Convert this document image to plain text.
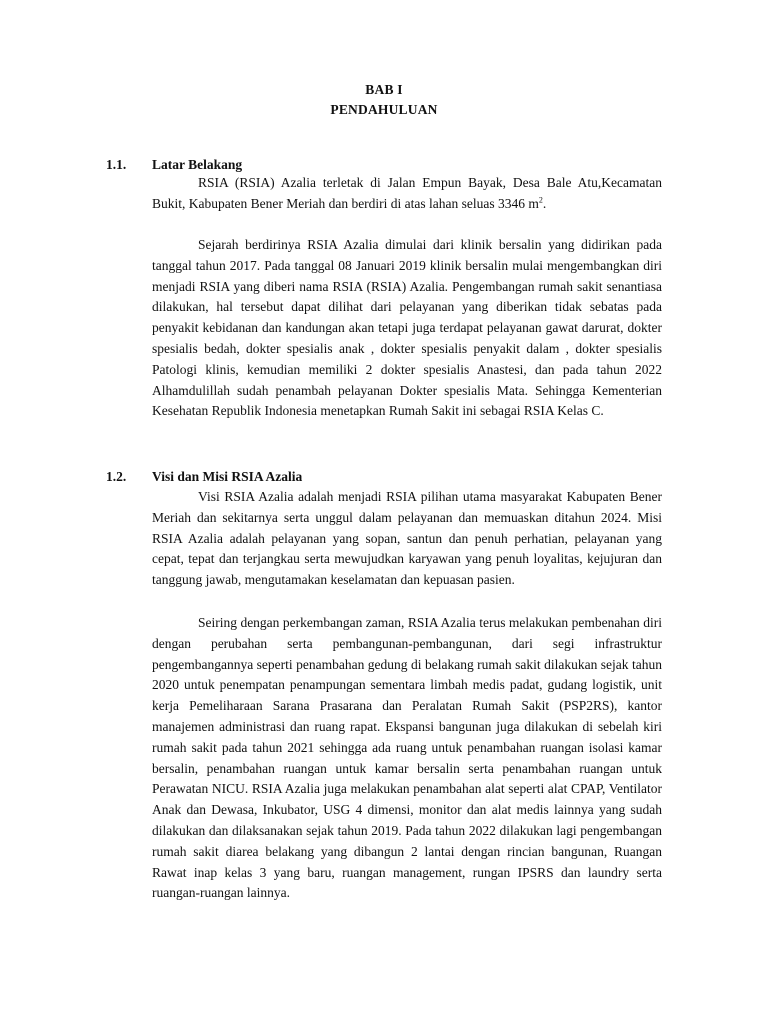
BAB I
PENDAHULUAN
1.1. Latar Belakang

RSIA (RSIA) Azalia terletak di Jalan Empun Bayak, Desa Bale Atu,Kecamatan Bukit, Kabupaten Bener Meriah dan berdiri di atas lahan seluas 3346 $m^2$.

Sejarah berdirinya RSIA Azalia dimulai dari klinik bersalin yang didirikan pada tanggal tahun 2017. Pada tanggal 08 Januari 2019 klinik bersalin mulai mengembangkan diri menjadi RSIA yang diberi nama RSIA (RSIA) Azalia. Pengembangan rumah sakit senantiasa dilakukan, hal tersebut dapat dilihat dari pelayanan yang diberikan tidak sebatas pada penyakit kebidanan dan kandungan akan tetapi juga terdapat pelayanan gawat darurat, dokter spesialis bedah, dokter spesialis anak , dokter spesialis penyakit dalam , dokter spesialis Patologi klinis, kemudian memiliki 2 dokter spesialis Anastesi, dan pada tahun 2022 Alhamdulillah sudah penambah pelayanan Dokter spesialis Mata. Sehingga Kementerian Kesehatan Republik Indonesia menetapkan Rumah Sakit ini sebagai RSIA Kelas C.

1.2. Visi dan Misi RSIA Azalia

Visi RSIA Azalia adalah menjadi RSIA pilihan utama masyarakat Kabupaten Bener Meriah dan sekitarnya serta unggul dalam pelayanan dan memuaskan ditahun 2024. Misi RSIA Azalia adalah pelayanan yang sopan, santun dan penuh perhatian, pelayanan yang cepat, tepat dan terjangkau serta mewujudkan karyawan yang penuh loyalitas, kejujuran dan tanggung jawab, mengutamakan keselamatan dan kepuasan pasien.

Seiring dengan perkembangan zaman, RSIA Azalia terus melakukan pembenahan diri dengan perubahan serta pembangunan-pembangunan, dari segi infrastruktur pengembangannya seperti penambahan gedung di belakang rumah sakit dilakukan sejak tahun 2020 untuk penempatan penampungan sementara limbah medis padat, gudang logistik, unit kerja Pemeliharaan Sarana Prasarana dan Peralatan Rumah Sakit (PSP2RS), kantor manajemen administrasi dan ruang rapat. Ekspansi bangunan juga dilakukan di sebelah kiri rumah sakit pada tahun 2021 sehingga ada ruang untuk penambahan ruangan isolasi kamar bersalin, penambahan ruangan untuk kamar bersalin serta penambahan ruangan untuk Perawatan NICU. RSIA Azalia juga melakukan penambahan alat seperti alat CPAP, Ventilator Anak dan Dewasa, Inkubator, USG 4 dimensi, monitor dan alat medis lainnya yang sudah dilakukan dan dilaksanakan sejak tahun 2019. Pada tahun 2022 dilakukan lagi pengembangan rumah sakit diarea belakang yang dibangun 2 lantai dengan rincian bangunan, Ruangan Rawat inap kelas 3 yang baru, ruangan management, rungan IPSRS dan laundry serta ruangan-ruangan lainnya.
